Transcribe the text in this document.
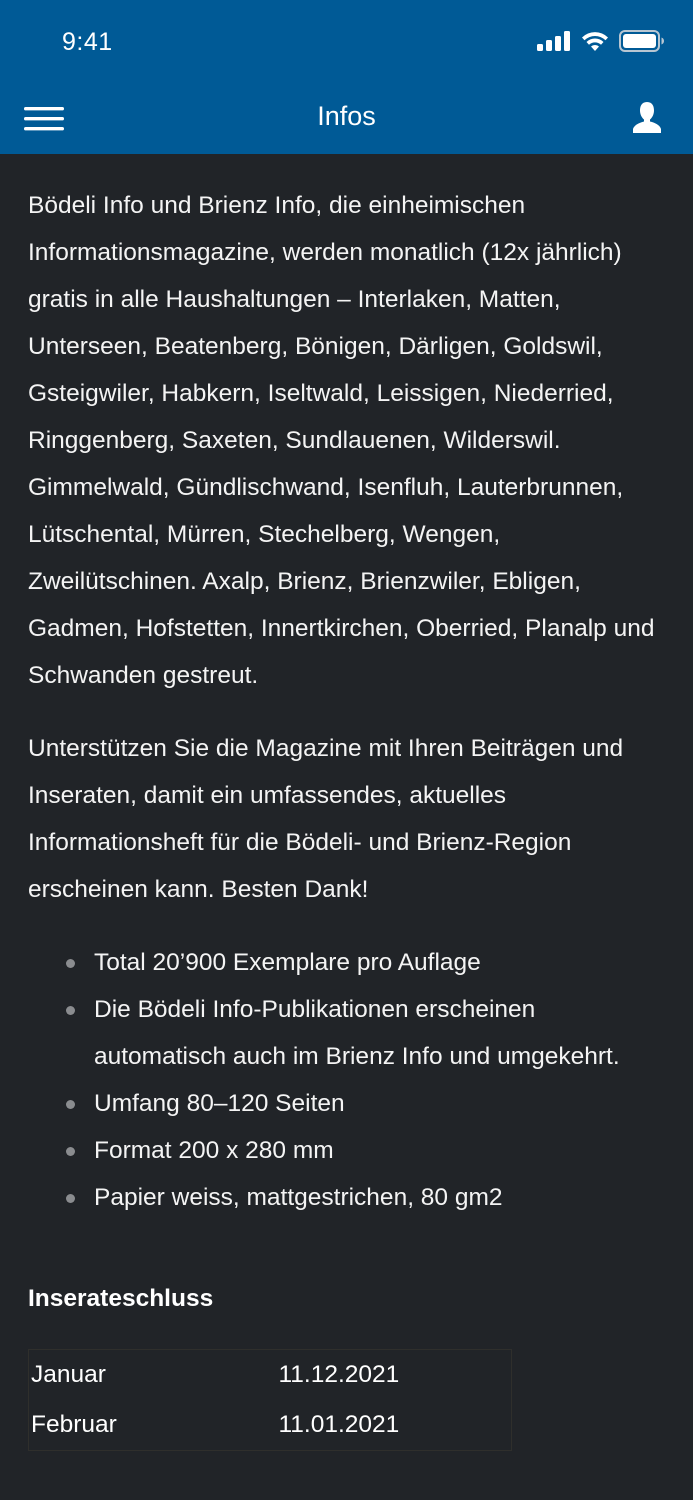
9:41
Infos

Bödeli Info und Brienz Info, die einheimischen Informationsmagazine, werden monatlich (12x jährlich) gratis in alle Haushaltungen – Interlaken, Matten, Unterseen, Beatenberg, Bönigen, Därligen, Goldswil, Gsteigwiler, Habkern, Iseltwald, Leissigen, Niederried, Ringgenberg, Saxeten, Sundlauenen, Wilderswil. Gimmelwald, Gündlischwand, Isenfluh, Lauterbrunnen, Lütschental, Mürren, Stechelberg, Wengen, Zweilütschinen. Axalp, Brienz, Brienzwiler, Ebligen, Gadmen, Hofstetten, Innertkirchen, Oberried, Planalp und Schwanden gestreut.

Unterstützen Sie die Magazine mit Ihren Beiträgen und Inseraten, damit ein umfassendes, aktuelles Informationsheft für die Bödeli- und Brienz-Region erscheinen kann. Besten Dank!

Total 20’900 Exemplare pro Auflage
Die Bödeli Info-Publikationen erscheinen automatisch auch im Brienz Info und umgekehrt.
Umfang 80–120 Seiten
Format 200 x 280 mm
Papier weiss, mattgestrichen, 80 gm2
Inserateschluss
Januar	11.12.2021
Februar	11.01.2021
